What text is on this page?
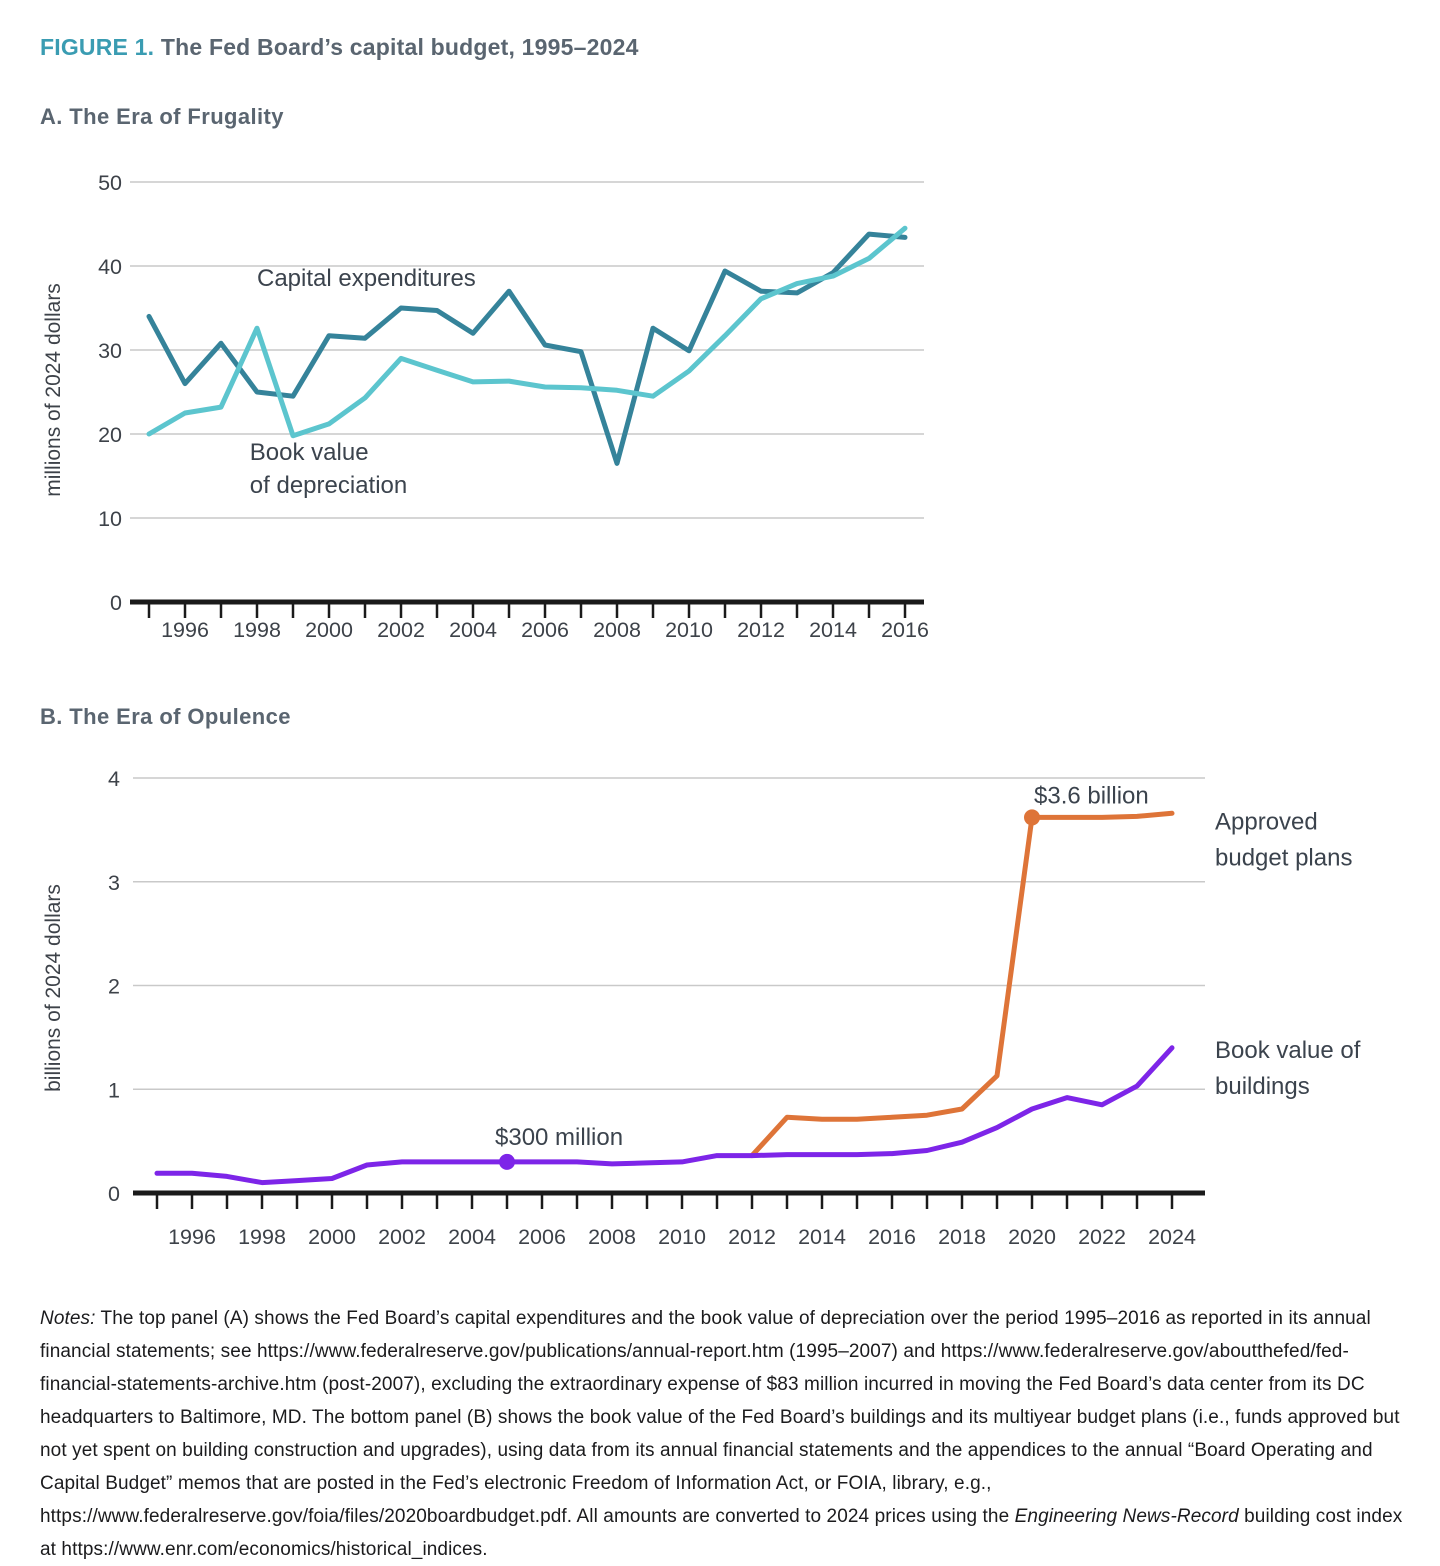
FIGURE 1. The Fed Board’s capital budget, 1995–2024
A. The Era of Frugality
0
10
20
30
40
50
1996 1998 2000 2002 2004 2006 2008 2010 2012 2014 2016
millions of 2024 dollars
Capital expenditures
Book value
of depreciation
B. The Era of Opulence
0
1
2
3
4
1996 1998 2000 2002 2004 2006 2008 2010 2012 2014 2016 2018 2020 2022 2024
billions of 2024 dollars
$300 million
$3.6 billion
Approved
budget plans
Book value of
buildings

Notes: The top panel (A) shows the Fed Board’s capital expenditures and the book value of depreciation over the period 1995–2016 as reported in its annual financial statements; see https://www.federalreserve.gov/publications/annual-report.htm (1995–2007) and https://www.federalreserve.gov/aboutthefed/fed-financial-statements-archive.htm (post-2007), excluding the extraordinary expense of $83 million incurred in moving the Fed Board’s data center from its DC headquarters to Baltimore, MD. The bottom panel (B) shows the book value of the Fed Board’s buildings and its multiyear budget plans (i.e., funds approved but not yet spent on building construction and upgrades), using data from its annual financial statements and the appendices to the annual “Board Operating and Capital Budget” memos that are posted in the Fed’s electronic Freedom of Information Act, or FOIA, library, e.g., https://www.federalreserve.gov/foia/files/2020boardbudget.pdf. All amounts are converted to 2024 prices using the Engineering News-Record building cost index at https://www.enr.com/economics/historical_indices.
